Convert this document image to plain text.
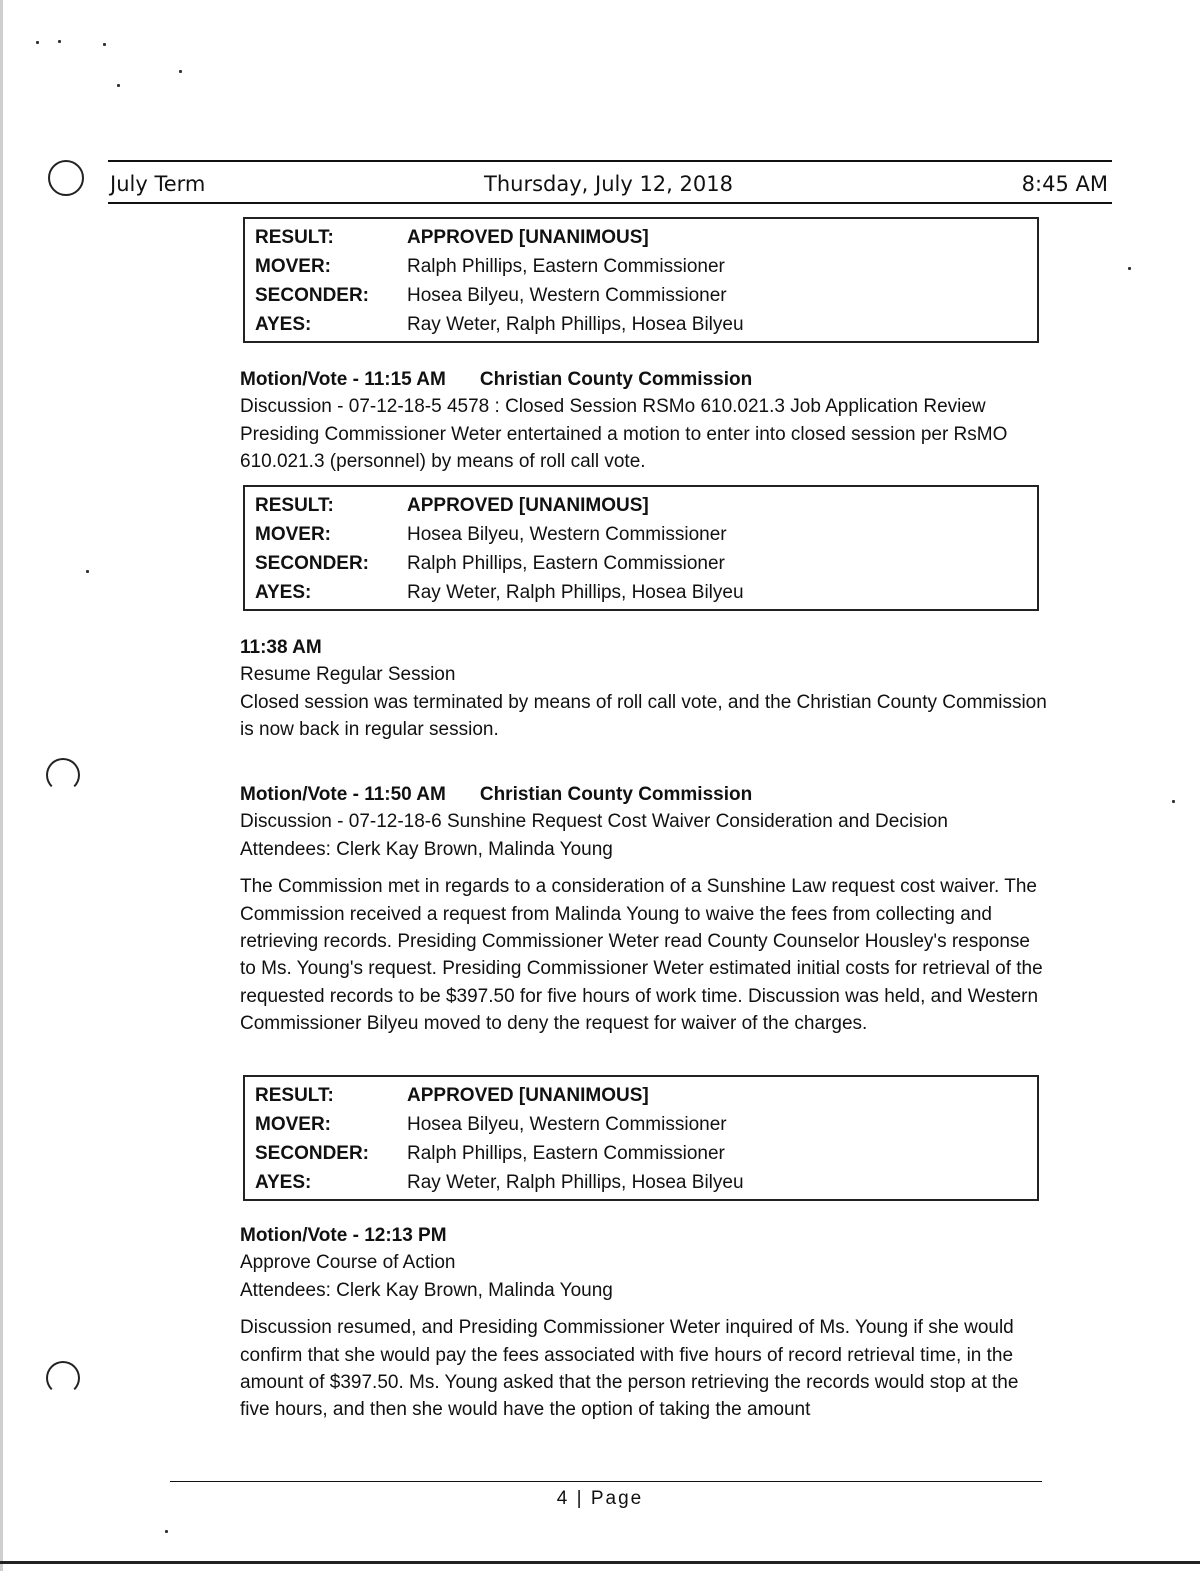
July Term	Thursday, July 12, 2018	8:45 AM
RESULT:	APPROVED [UNANIMOUS]
MOVER:	Ralph Phillips, Eastern Commissioner
SECONDER:	Hosea Bilyeu, Western Commissioner
AYES:	Ray Weter, Ralph Phillips, Hosea Bilyeu

Motion/Vote - 11:15 AM Christian County Commission

Discussion - 07-12-18-5 4578 : Closed Session RSMo 610.021.3 Job Application Review

Presiding Commissioner Weter entertained a motion to enter into closed session per RsMO 610.021.3 (personnel) by means of roll call vote.

RESULT:	APPROVED [UNANIMOUS]
MOVER:	Hosea Bilyeu, Western Commissioner
SECONDER:	Ralph Phillips, Eastern Commissioner
AYES:	Ray Weter, Ralph Phillips, Hosea Bilyeu

11:38 AM

Resume Regular Session

Closed session was terminated by means of roll call vote, and the Christian County Commission is now back in regular session.

Motion/Vote - 11:50 AM Christian County Commission

Discussion - 07-12-18-6 Sunshine Request Cost Waiver Consideration and Decision

Attendees: Clerk Kay Brown, Malinda Young

The Commission met in regards to a consideration of a Sunshine Law request cost waiver. The Commission received a request from Malinda Young to waive the fees from collecting and retrieving records. Presiding Commissioner Weter read County Counselor Housley's response to Ms. Young's request. Presiding Commissioner Weter estimated initial costs for retrieval of the requested records to be $397.50 for five hours of work time. Discussion was held, and Western Commissioner Bilyeu moved to deny the request for waiver of the charges.

RESULT:	APPROVED [UNANIMOUS]
MOVER:	Hosea Bilyeu, Western Commissioner
SECONDER:	Ralph Phillips, Eastern Commissioner
AYES:	Ray Weter, Ralph Phillips, Hosea Bilyeu

Motion/Vote - 12:13 PM

Approve Course of Action

Attendees: Clerk Kay Brown, Malinda Young

Discussion resumed, and Presiding Commissioner Weter inquired of Ms. Young if she would confirm that she would pay the fees associated with five hours of record retrieval time, in the amount of $397.50. Ms. Young asked that the person retrieving the records would stop at the five hours, and then she would have the option of taking the amount

4 | Page
